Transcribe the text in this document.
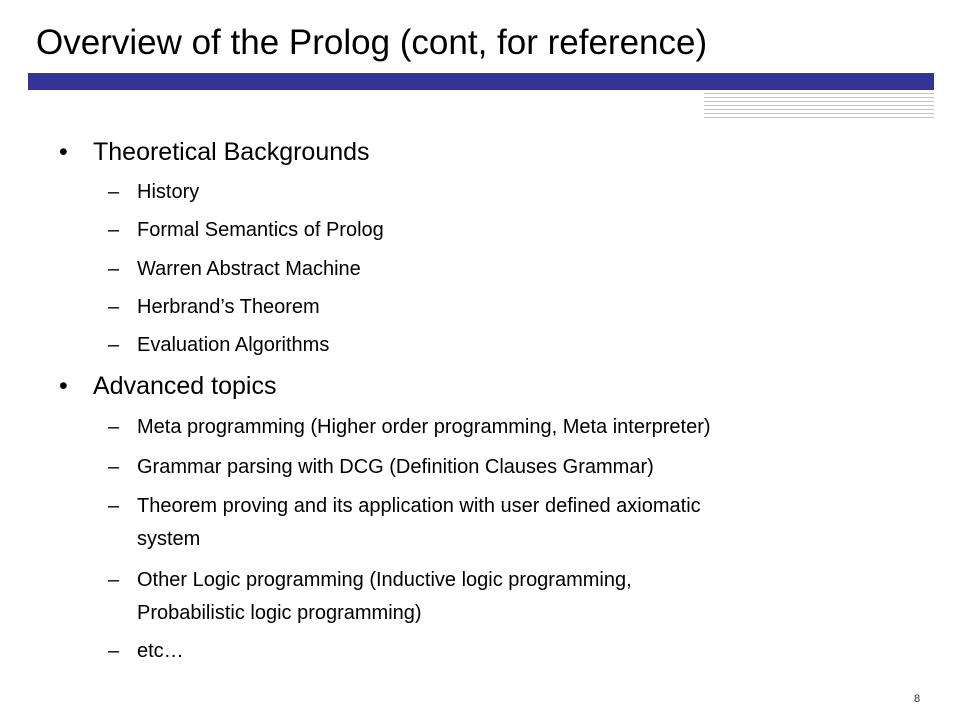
Overview of the Prolog (cont, for reference)
• Theoretical Backgrounds
– History
– Formal Semantics of Prolog
– Warren Abstract Machine
– Herbrand’s Theorem
– Evaluation Algorithms
• Advanced topics
– Meta programming (Higher order programming, Meta interpreter)
– Grammar parsing with DCG (Definition Clauses Grammar)
– Theorem proving and its application with user defined axiomatic
system
– Other Logic programming (Inductive logic programming,
Probabilistic logic programming)
– etc…
8
